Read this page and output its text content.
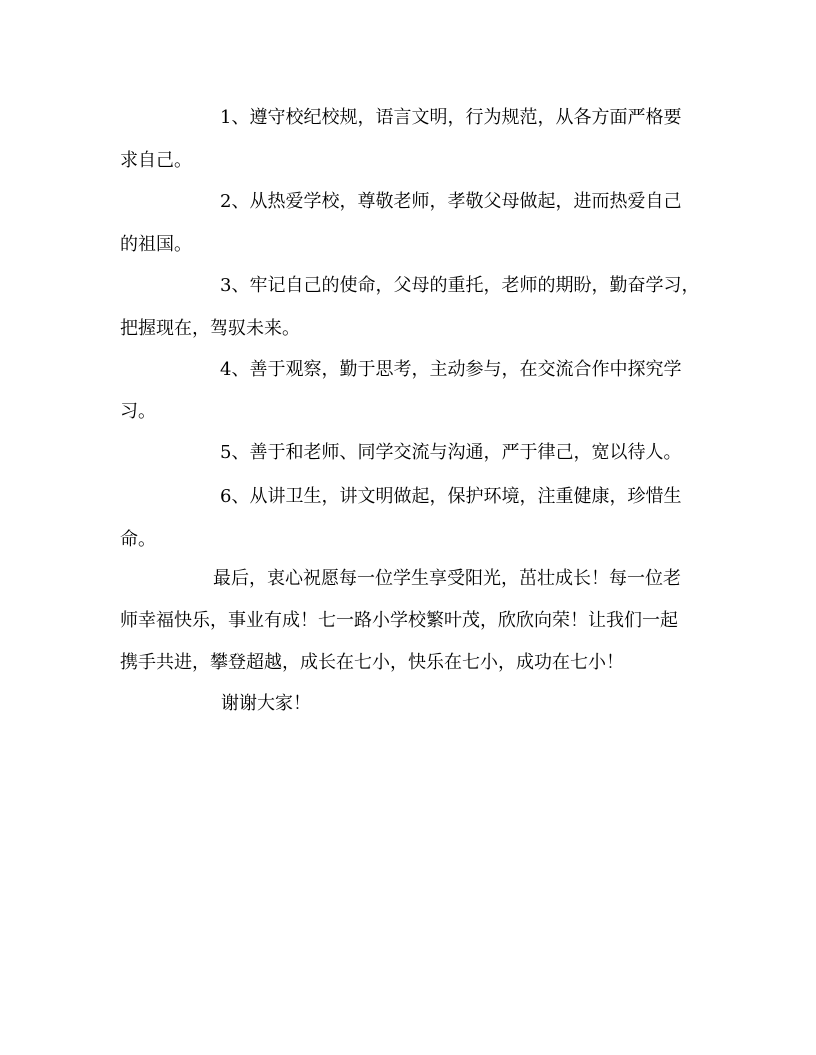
1、遵守校纪校规，语言文明，行为规范，从各方面严格要

求自己。

2、从热爱学校，尊敬老师，孝敬父母做起，进而热爱自己

的祖国。

3、牢记自己的使命，父母的重托，老师的期盼，勤奋学习，

把握现在，驾驭未来。

4、善于观察，勤于思考，主动参与，在交流合作中探究学

习。

5、善于和老师、同学交流与沟通，严于律己，宽以待人。

6、从讲卫生，讲文明做起，保护环境，注重健康，珍惜生

命。

最后，衷心祝愿每一位学生享受阳光，茁壮成长！每一位老

师幸福快乐，事业有成！七一路小学校繁叶茂，欣欣向荣！让我们一起

携手共进，攀登超越，成长在七小，快乐在七小，成功在七小！

谢谢大家！
